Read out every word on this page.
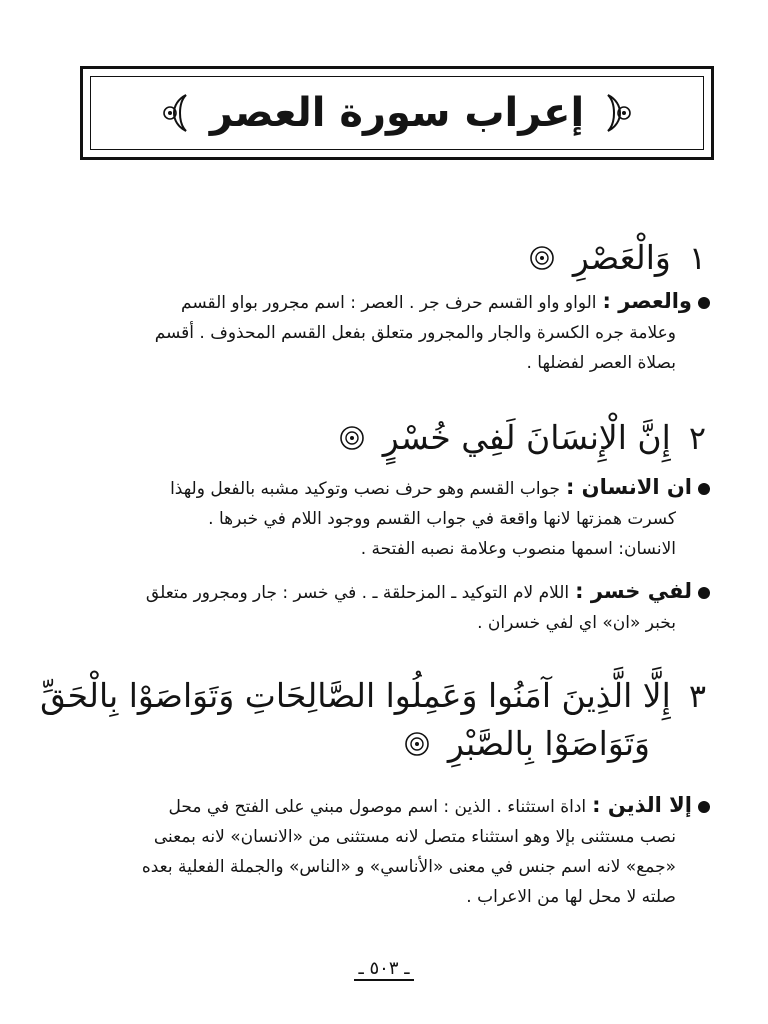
إعراب سورة العصر
١
وَالْعَصْرِ

والعصر :الواو واو القسم حرف جر . العصر : اسم مجرور بواو القسم

وعلامة جره الكسرة والجار والمجرور متعلق بفعل القسم المحذوف . أقسم

بصلاة العصر لفضلها .

٢
إِنَّ الْإِنسَانَ لَفِي خُسْرٍ

ان الانسان :جواب القسم وهو حرف نصب وتوكيد مشبه بالفعل ولهذا

كسرت همزتها لانها واقعة في جواب القسم ووجود اللام في خبرها .

الانسان: اسمها منصوب وعلامة نصبه الفتحة .

لفي خسر :اللام لام التوكيد ـ المزحلقة ـ . في خسر : جار ومجرور متعلق

بخبر «ان» اي لفي خسران .

٣
إِلَّا الَّذِينَ آمَنُوا وَعَمِلُوا الصَّالِحَاتِ وَتَوَاصَوْا بِالْحَقِّ
وَتَوَاصَوْا بِالصَّبْرِ

إلا الذين :اداة استثناء . الذين : اسم موصول مبني على الفتح في محل

نصب مستثنى بإلا وهو استثناء متصل لانه مستثنى من «الانسان» لانه بمعنى

«جمع» لانه اسم جنس في معنى «الأناسي» و «الناس» والجملة الفعلية بعده

صلته لا محل لها من الاعراب .

ـ ٥٠٣ ـ
